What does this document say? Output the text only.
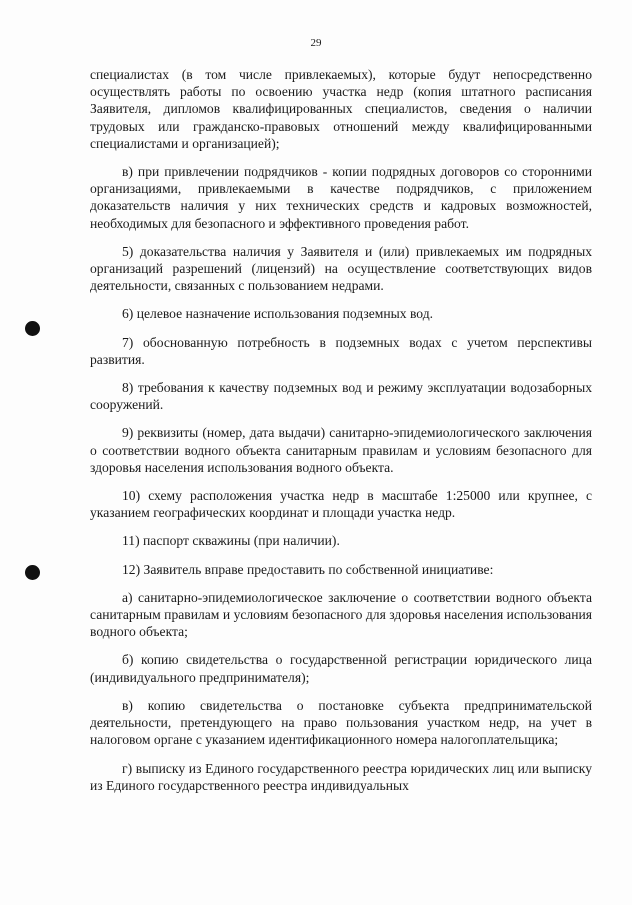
29

специалистах (в том числе привлекаемых), которые будут непосредственно осуществлять работы по освоению участка недр (копия штатного расписания Заявителя, дипломов квалифицированных специалистов, сведения о наличии трудовых или гражданско-правовых отношений между квалифицированными специалистами и организацией);

в) при привлечении подрядчиков - копии подрядных договоров со сторонними организациями, привлекаемыми в качестве подрядчиков, с приложением доказательств наличия у них технических средств и кадровых возможностей, необходимых для безопасного и эффективного проведения работ.

5) доказательства наличия у Заявителя и (или) привлекаемых им подрядных организаций разрешений (лицензий) на осуществление соответствующих видов деятельности, связанных с пользованием недрами.

6) целевое назначение использования подземных вод.

7) обоснованную потребность в подземных водах с учетом перспективы развития.

8) требования к качеству подземных вод и режиму эксплуатации водозаборных сооружений.

9) реквизиты (номер, дата выдачи) санитарно-эпидемиологического заключения о соответствии водного объекта санитарным правилам и условиям безопасного для здоровья населения использования водного объекта.

10) схему расположения участка недр в масштабе 1:25000 или крупнее, с указанием географических координат и площади участка недр.

11) паспорт скважины (при наличии).

12) Заявитель вправе предоставить по собственной инициативе:

а) санитарно-эпидемиологическое заключение о соответствии водного объекта санитарным правилам и условиям безопасного для здоровья населения использования водного объекта;

б) копию свидетельства о государственной регистрации юридического лица (индивидуального предпринимателя);

в) копию свидетельства о постановке субъекта предпринимательской деятельности, претендующего на право пользования участком недр, на учет в налоговом органе с указанием идентификационного номера налогоплательщика;

г) выписку из Единого государственного реестра юридических лиц или выписку из Единого государственного реестра индивидуальных
